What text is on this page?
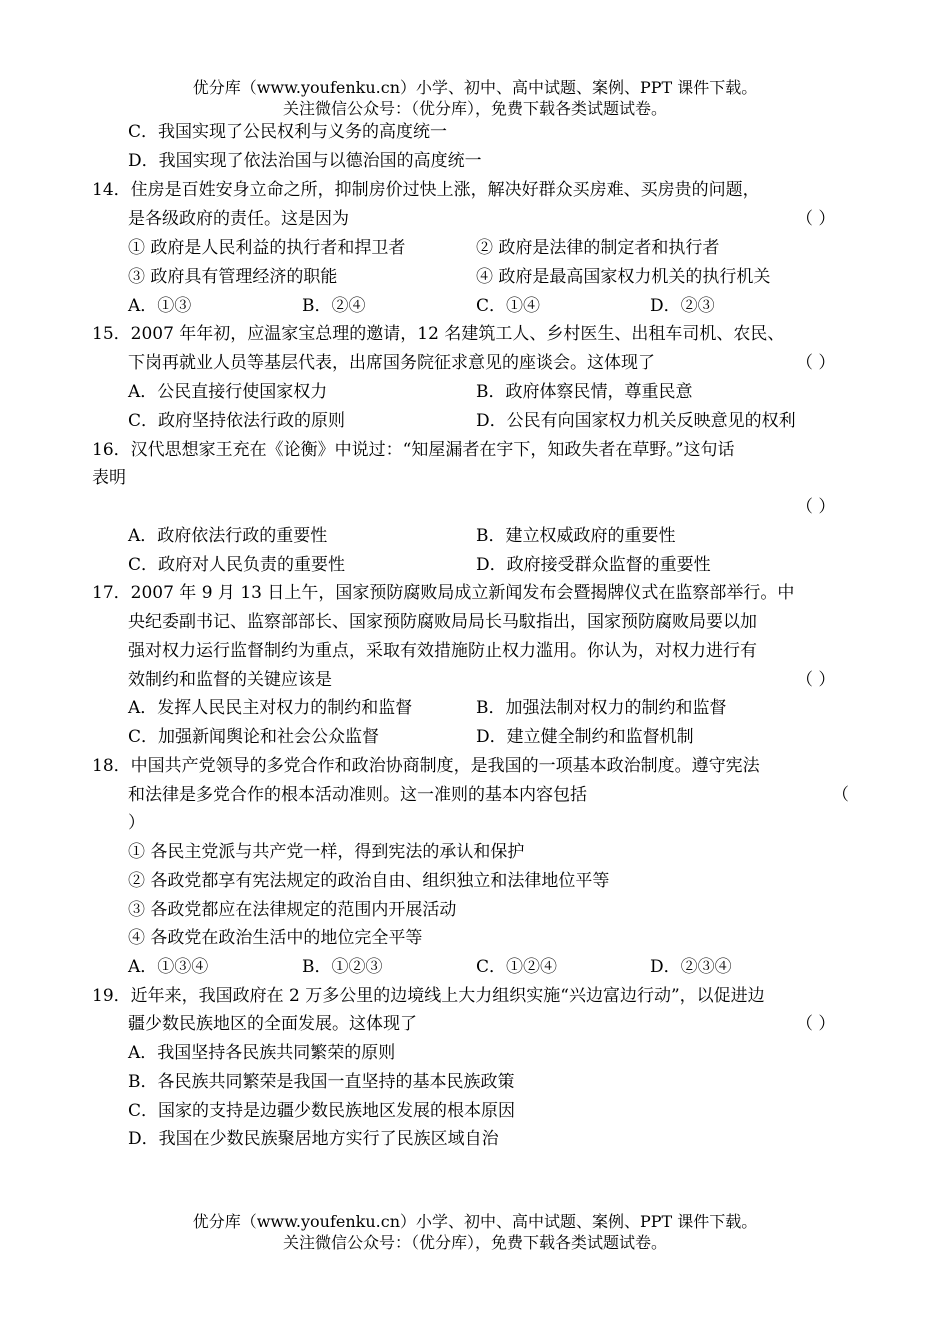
优分库（www.youfenku.cn）小学、初中、高中试题、案例、PPT 课件下载。
关注微信公众号：（优分库），免费下载各类试题试卷。
C．我国实现了公民权利与义务的高度统一
D．我国实现了依法治国与以德治国的高度统一
14．住房是百姓安身立命之所，抑制房价过快上涨，解决好群众买房难、买房贵的问题，
是各级政府的责任。这是因为	（ ）
① 政府是人民利益的执行者和捍卫者	② 政府是法律的制定者和执行者
③ 政府具有管理经济的职能	④ 政府是最高国家权力机关的执行机关
A．①③	B．②④	C．①④	D．②③
15．2007 年年初，应温家宝总理的邀请，12 名建筑工人、乡村医生、出租车司机、农民、
下岗再就业人员等基层代表，出席国务院征求意见的座谈会。这体现了	（ ）
A．公民直接行使国家权力	B．政府体察民情，尊重民意
C．政府坚持依法行政的原则	D．公民有向国家权力机关反映意见的权利
16．汉代思想家王充在《论衡》中说过：“知屋漏者在宇下，知政失者在草野。”这句话
表明
（ ）
A．政府依法行政的重要性	B．建立权威政府的重要性
C．政府对人民负责的重要性	D．政府接受群众监督的重要性
17．2007 年 9 月 13 日上午，国家预防腐败局成立新闻发布会暨揭牌仪式在监察部举行。中
央纪委副书记、监察部部长、国家预防腐败局局长马馼指出，国家预防腐败局要以加
强对权力运行监督制约为重点，采取有效措施防止权力滥用。你认为，对权力进行有
效制约和监督的关键应该是	（ ）
A．发挥人民民主对权力的制约和监督	B．加强法制对权力的制约和监督
C．加强新闻舆论和社会公众监督	D．建立健全制约和监督机制
18．中国共产党领导的多党合作和政治协商制度，是我国的一项基本政治制度。遵守宪法
和法律是多党合作的根本活动准则。这一准则的基本内容包括	（
）
① 各民主党派与共产党一样，得到宪法的承认和保护
② 各政党都享有宪法规定的政治自由、组织独立和法律地位平等
③ 各政党都应在法律规定的范围内开展活动
④ 各政党在政治生活中的地位完全平等
A．①③④	B．①②③	C．①②④	D．②③④
19．近年来，我国政府在 2 万多公里的边境线上大力组织实施“兴边富边行动”，以促进边
疆少数民族地区的全面发展。这体现了	（ ）
A．我国坚持各民族共同繁荣的原则
B．各民族共同繁荣是我国一直坚持的基本民族政策
C．国家的支持是边疆少数民族地区发展的根本原因
D．我国在少数民族聚居地方实行了民族区域自治
优分库（www.youfenku.cn）小学、初中、高中试题、案例、PPT 课件下载。
关注微信公众号：（优分库），免费下载各类试题试卷。
